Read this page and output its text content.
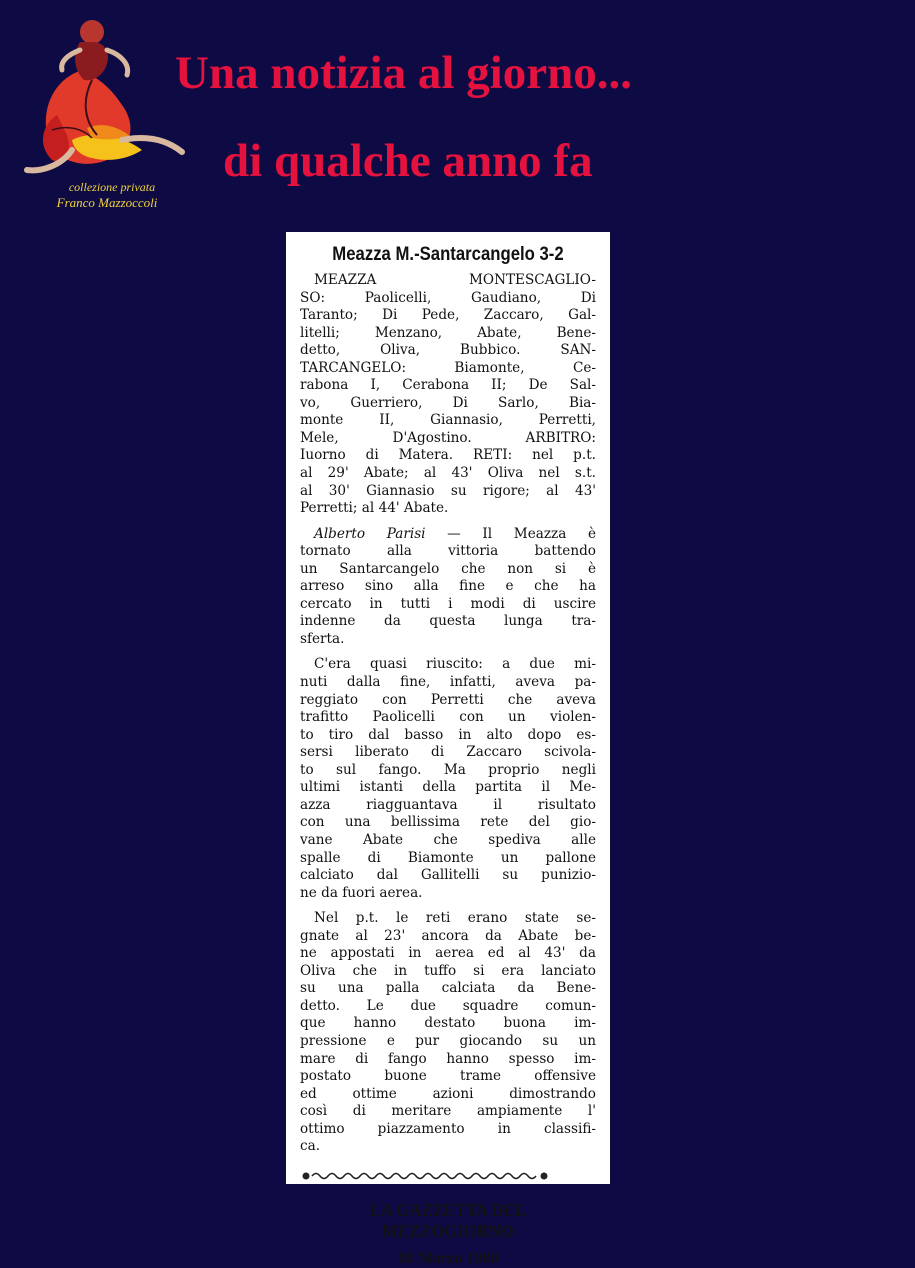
collezione privata
Franco Mazzoccoli
Una notizia al giorno...
di qualche anno fa
Meazza M.-Santarcangelo 3-2

MEAZZA MONTESCAGLIO-
SO: Paolicelli, Gaudiano, Di
Taranto; Di Pede, Zaccaro, Gal-
litelli; Menzano, Abate, Bene-
detto, Oliva, Bubbico. SAN-
TARCANGELO: Biamonte, Ce-
rabona I, Cerabona II; De Sal-
vo, Guerriero, Di Sarlo, Bia-
monte II, Giannasio, Perretti,
Mele, D'Agostino. ARBITRO:
Iuorno di Matera. RETI: nel p.t.
al 29' Abate; al 43' Oliva nel s.t.
al 30' Giannasio su rigore; al 43'
Perretti; al 44' Abate.

Alberto Parisi — Il Meazza è
tornato alla vittoria battendo
un Santarcangelo che non si è
arreso sino alla fine e che ha
cercato in tutti i modi di uscire
indenne da questa lunga tra-
sferta.

C'era quasi riuscito: a due mi-
nuti dalla fine, infatti, aveva pa-
reggiato con Perretti che aveva
trafitto Paolicelli con un violen-
to tiro dal basso in alto dopo es-
sersi liberato di Zaccaro scivola-
to sul fango. Ma proprio negli
ultimi istanti della partita il Me-
azza riagguantava il risultato
con una bellissima rete del gio-
vane Abate che spediva alle
spalle di Biamonte un pallone
calciato dal Gallitelli su punizio-
ne da fuori aerea.

Nel p.t. le reti erano state se-
gnate al 23' ancora da Abate be-
ne appostati in aerea ed al 43' da
Oliva che in tuffo si era lanciato
su una palla calciata da Bene-
detto. Le due squadre comun-
que hanno destato buona im-
pressione e pur giocando su un
mare di fango hanno spesso im-
postato buone trame offensive
ed ottime azioni dimostrando
così di meritare ampiamente l'
ottimo piazzamento in classifi-
ca.

LA GAZZETTA DEL MEZZOGIORNO
18 Marzo 1980
